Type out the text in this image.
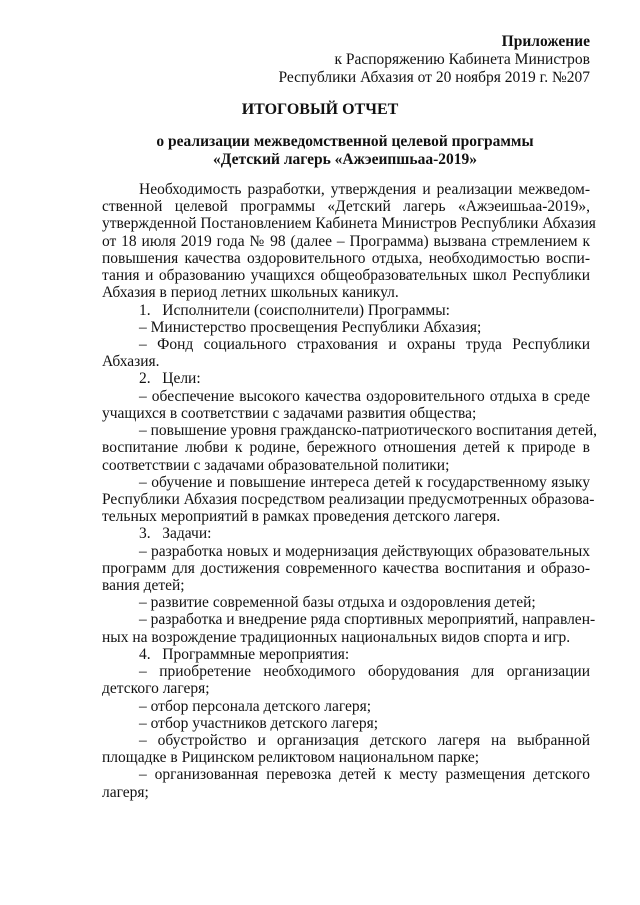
Приложение
к Распоряжению Кабинета Министров
Республики Абхазия от 20 ноября 2019 г. №207
ИТОГОВЫЙ ОТЧЕТ
о реализации межведомственной целевой программы
«Детский лагерь «Ажэеипшьаа-2019»
Необходимость разработки, утверждения и реализации межведом-
ственной целевой программы «Детский лагерь «Ажэеишьаа-2019»,
утвержденной Постановлением Кабинета Министров Республики Абхазия
от 18 июля 2019 года № 98 (далее – Программа) вызвана стремлением к
повышения качества оздоровительного отдыха, необходимостью воспи-
тания и образованию учащихся общеобразовательных школ Республики
Абхазия в период летних школьных каникул.
1.   Исполнители (соисполнители) Программы:
– Министерство просвещения Республики Абхазия;
– Фонд социального страхования и охраны труда Республики
Абхазия.
2.   Цели:
– обеспечение высокого качества оздоровительного отдыха в среде
учащихся в соответствии с задачами развития общества;
– повышение уровня гражданско-патриотического воспитания детей,
воспитание любви к родине, бережного отношения детей к природе в
соответствии с задачами образовательной политики;
– обучение и повышение интереса детей к государственному языку
Республики Абхазия посредством реализации предусмотренных образова-
тельных мероприятий в рамках проведения детского лагеря.
3.   Задачи:
– разработка новых и модернизация действующих образовательных
программ для достижения современного качества воспитания и образо-
вания детей;
– развитие современной базы отдыха и оздоровления детей;
– разработка и внедрение ряда спортивных мероприятий, направлен-
ных на возрождение традиционных национальных видов спорта и игр.
4.   Программные мероприятия:
– приобретение необходимого оборудования для организации
детского лагеря;
– отбор персонала детского лагеря;
– отбор участников детского лагеря;
– обустройство и организация детского лагеря на выбранной
площадке в Рицинском реликтовом национальном парке;
– организованная перевозка детей к месту размещения детского
лагеря;
